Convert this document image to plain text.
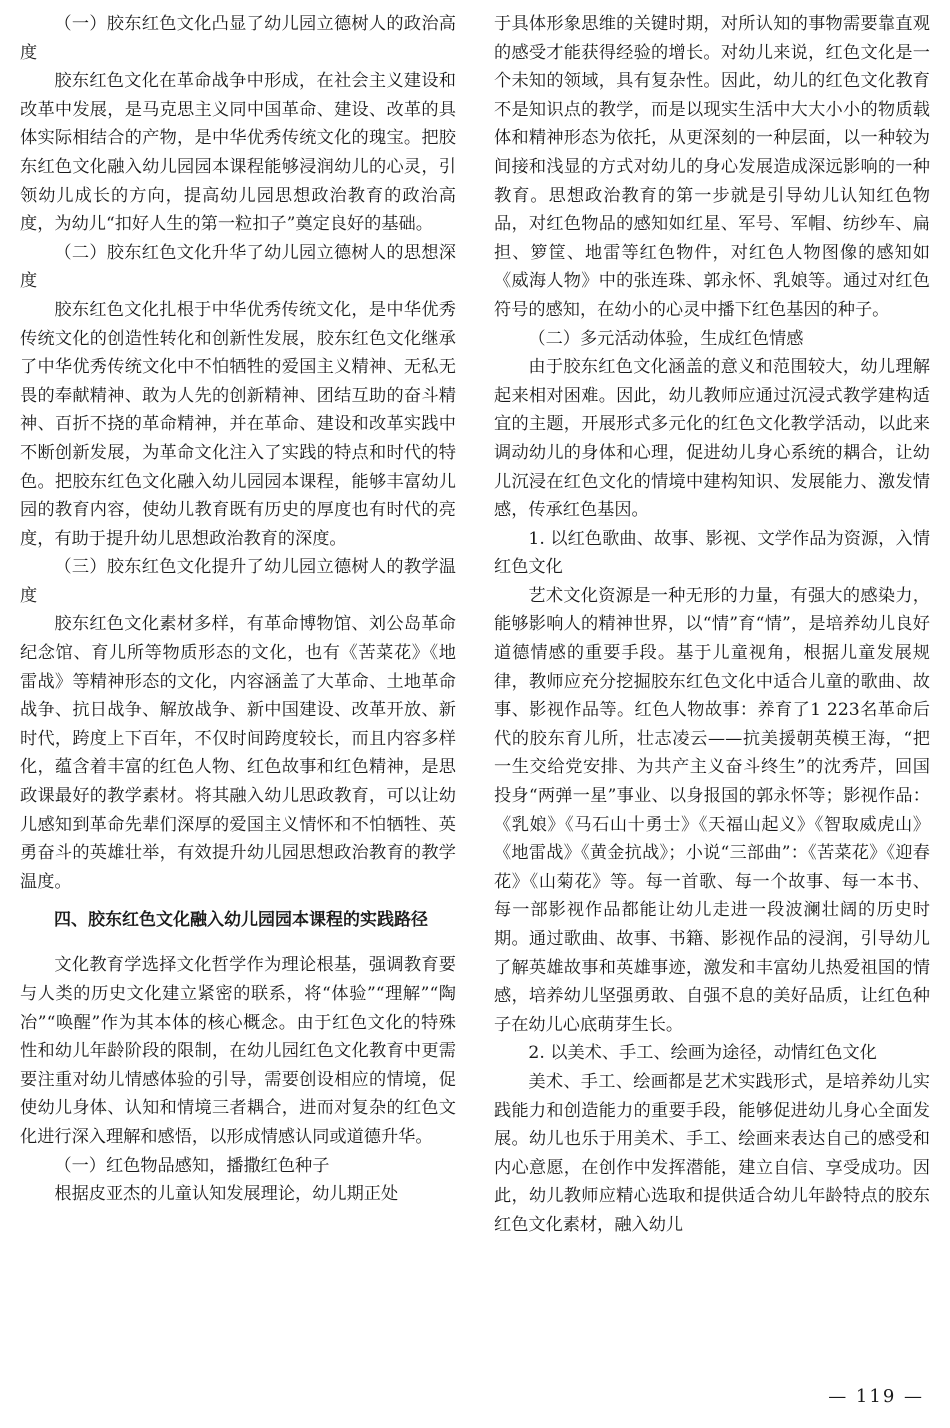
（一）胶东红色文化凸显了幼儿园立德树人的政治高度

胶东红色文化在革命战争中形成，在社会主义建设和改革中发展，是马克思主义同中国革命、建设、改革的具体实际相结合的产物，是中华优秀传统文化的瑰宝。把胶东红色文化融入幼儿园园本课程能够浸润幼儿的心灵，引领幼儿成长的方向，提高幼儿园思想政治教育的政治高度，为幼儿“扣好人生的第一粒扣子”奠定良好的基础。

（二）胶东红色文化升华了幼儿园立德树人的思想深度

胶东红色文化扎根于中华优秀传统文化，是中华优秀传统文化的创造性转化和创新性发展，胶东红色文化继承了中华优秀传统文化中不怕牺牲的爱国主义精神、无私无畏的奉献精神、敢为人先的创新精神、团结互助的奋斗精神、百折不挠的革命精神，并在革命、建设和改革实践中不断创新发展，为革命文化注入了实践的特点和时代的特色。把胶东红色文化融入幼儿园园本课程，能够丰富幼儿园的教育内容，使幼儿教育既有历史的厚度也有时代的亮度，有助于提升幼儿思想政治教育的深度。

（三）胶东红色文化提升了幼儿园立德树人的教学温度

胶东红色文化素材多样，有革命博物馆、刘公岛革命纪念馆、育儿所等物质形态的文化，也有《苦菜花》《地雷战》等精神形态的文化，内容涵盖了大革命、土地革命战争、抗日战争、解放战争、新中国建设、改革开放、新时代，跨度上下百年，不仅时间跨度较长，而且内容多样化，蕴含着丰富的红色人物、红色故事和红色精神，是思政课最好的教学素材。将其融入幼儿思政教育，可以让幼儿感知到革命先辈们深厚的爱国主义情怀和不怕牺牲、英勇奋斗的英雄壮举，有效提升幼儿园思想政治教育的教学温度。

四、胶东红色文化融入幼儿园园本课程的实践路径

文化教育学选择文化哲学作为理论根基，强调教育要与人类的历史文化建立紧密的联系，将“体验”“理解”“陶冶”“唤醒”作为其本体的核心概念。由于红色文化的特殊性和幼儿年龄阶段的限制，在幼儿园红色文化教育中更需要注重对幼儿情感体验的引导，需要创设相应的情境，促使幼儿身体、认知和情境三者耦合，进而对复杂的红色文化进行深入理解和感悟，以形成情感认同或道德升华。

（一）红色物品感知，播撒红色种子

根据皮亚杰的儿童认知发展理论，幼儿期正处

于具体形象思维的关键时期，对所认知的事物需要靠直观的感受才能获得经验的增长。对幼儿来说，红色文化是一个未知的领域，具有复杂性。因此，幼儿的红色文化教育不是知识点的教学，而是以现实生活中大大小小的物质载体和精神形态为依托，从更深刻的一种层面，以一种较为间接和浅显的方式对幼儿的身心发展造成深远影响的一种教育。思想政治教育的第一步就是引导幼儿认知红色物品，对红色物品的感知如红星、军号、军帽、纺纱车、扁担、箩筐、地雷等红色物件，对红色人物图像的感知如《威海人物》中的张连珠、郭永怀、乳娘等。通过对红色符号的感知，在幼小的心灵中播下红色基因的种子。

（二）多元活动体验，生成红色情感

由于胶东红色文化涵盖的意义和范围较大，幼儿理解起来相对困难。因此，幼儿教师应通过沉浸式教学建构适宜的主题，开展形式多元化的红色文化教学活动，以此来调动幼儿的身体和心理，促进幼儿身心系统的耦合，让幼儿沉浸在红色文化的情境中建构知识、发展能力、激发情感，传承红色基因。

1. 以红色歌曲、故事、影视、文学作品为资源，入情红色文化

艺术文化资源是一种无形的力量，有强大的感染力，能够影响人的精神世界，以“情”育“情”，是培养幼儿良好道德情感的重要手段。基于儿童视角，根据儿童发展规律，教师应充分挖掘胶东红色文化中适合儿童的歌曲、故事、影视作品等。红色人物故事：养育了1 223名革命后代的胶东育儿所，壮志凌云——抗美援朝英模王海，“把一生交给党安排、为共产主义奋斗终生”的沈秀芹，回国投身“两弹一星”事业、以身报国的郭永怀等；影视作品：《乳娘》《马石山十勇士》《天福山起义》《智取威虎山》《地雷战》《黄金抗战》；小说“三部曲”：《苦菜花》《迎春花》《山菊花》等。每一首歌、每一个故事、每一本书、每一部影视作品都能让幼儿走进一段波澜壮阔的历史时期。通过歌曲、故事、书籍、影视作品的浸润，引导幼儿了解英雄故事和英雄事迹，激发和丰富幼儿热爱祖国的情感，培养幼儿坚强勇敢、自强不息的美好品质，让红色种子在幼儿心底萌芽生长。

2. 以美术、手工、绘画为途径，动情红色文化

美术、手工、绘画都是艺术实践形式，是培养幼儿实践能力和创造能力的重要手段，能够促进幼儿身心全面发展。幼儿也乐于用美术、手工、绘画来表达自己的感受和内心意愿，在创作中发挥潜能，建立自信、享受成功。因此，幼儿教师应精心选取和提供适合幼儿年龄特点的胶东红色文化素材，融入幼儿

— 119 —
